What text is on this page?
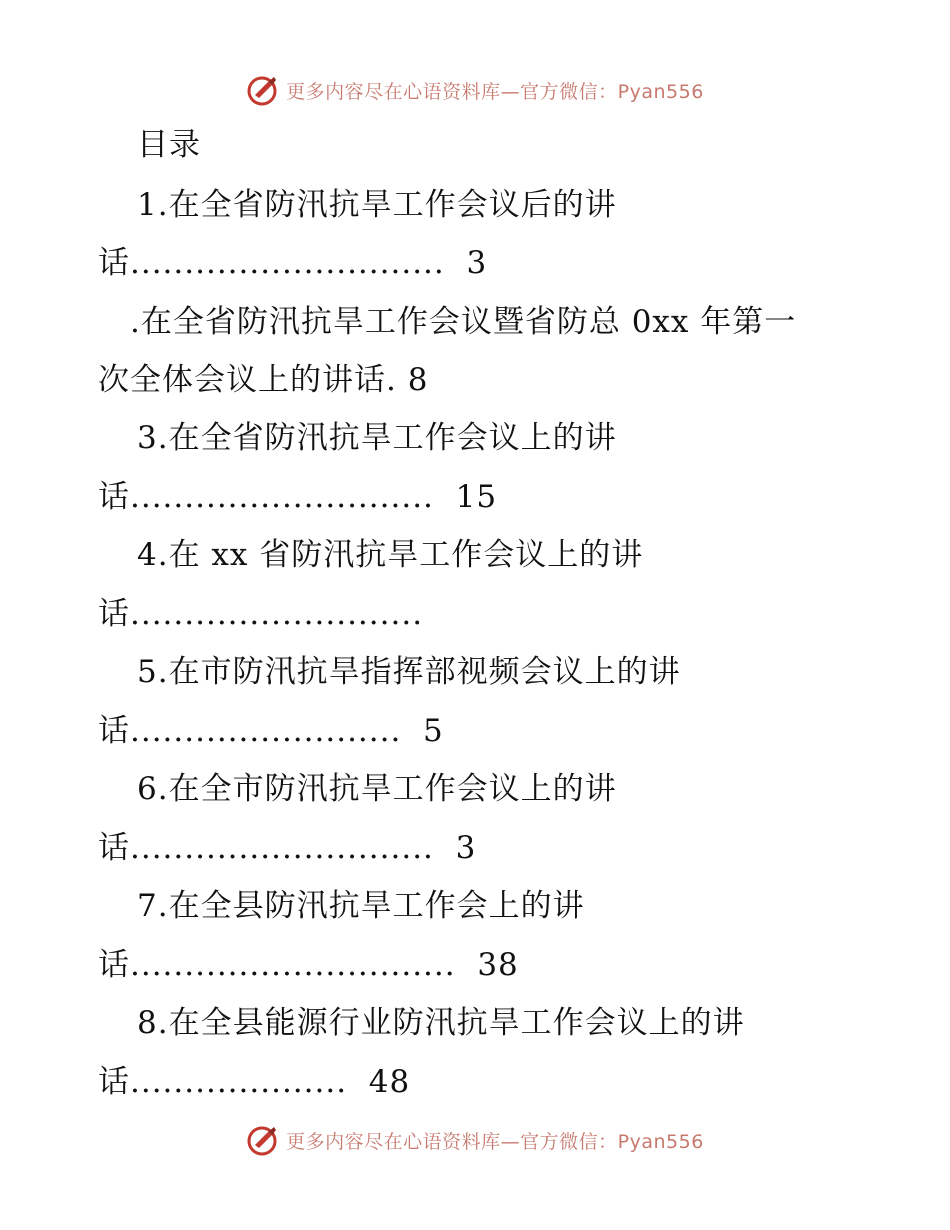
更多内容尽在心语资料库—官方微信：Pyan556
目录
1.在全省防汛抗旱工作会议后的讲
话.............................  3
.在全省防汛抗旱工作会议暨省防总 0xx 年第一
次全体会议上的讲话. 8
3.在全省防汛抗旱工作会议上的讲
话............................  15
4.在 xx 省防汛抗旱工作会议上的讲
话...........................
5.在市防汛抗旱指挥部视频会议上的讲
话.........................  5
6.在全市防汛抗旱工作会议上的讲
话............................  3
7.在全县防汛抗旱工作会上的讲
话..............................  38
8.在全县能源行业防汛抗旱工作会议上的讲
话....................  48
更多内容尽在心语资料库—官方微信：Pyan556
